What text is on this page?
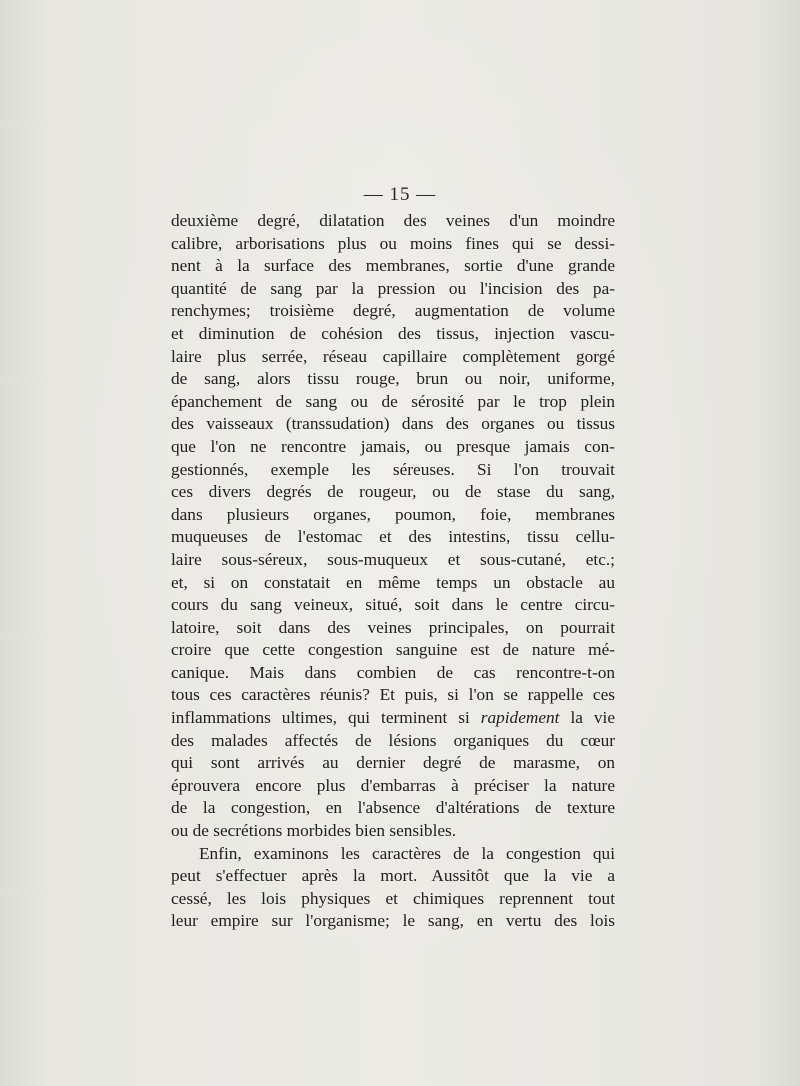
— 15 —
deuxième degré, dilatation des veines d'un moindre
calibre, arborisations plus ou moins fines qui se dessi-
nent à la surface des membranes, sortie d'une grande
quantité de sang par la pression ou l'incision des pa-
renchymes; troisième degré, augmentation de volume
et diminution de cohésion des tissus, injection vascu-
laire plus serrée, réseau capillaire complètement gorgé
de sang, alors tissu rouge, brun ou noir, uniforme,
épanchement de sang ou de sérosité par le trop plein
des vaisseaux (transsudation) dans des organes ou tissus
que l'on ne rencontre jamais, ou presque jamais con-
gestionnés, exemple les séreuses. Si l'on trouvait
ces divers degrés de rougeur, ou de stase du sang,
dans plusieurs organes, poumon, foie, membranes
muqueuses de l'estomac et des intestins, tissu cellu-
laire sous-séreux, sous-muqueux et sous-cutané, etc.;
et, si on constatait en même temps un obstacle au
cours du sang veineux, situé, soit dans le centre circu-
latoire, soit dans des veines principales, on pourrait
croire que cette congestion sanguine est de nature mé-
canique. Mais dans combien de cas rencontre-t-on
tous ces caractères réunis? Et puis, si l'on se rappelle ces
inflammations ultimes, qui terminent si rapidement la vie
des malades affectés de lésions organiques du cœur
qui sont arrivés au dernier degré de marasme, on
éprouvera encore plus d'embarras à préciser la nature
de la congestion, en l'absence d'altérations de texture
ou de secrétions morbides bien sensibles.
Enfin, examinons les caractères de la congestion qui
peut s'effectuer après la mort. Aussitôt que la vie a
cessé, les lois physiques et chimiques reprennent tout
leur empire sur l'organisme; le sang, en vertu des lois
